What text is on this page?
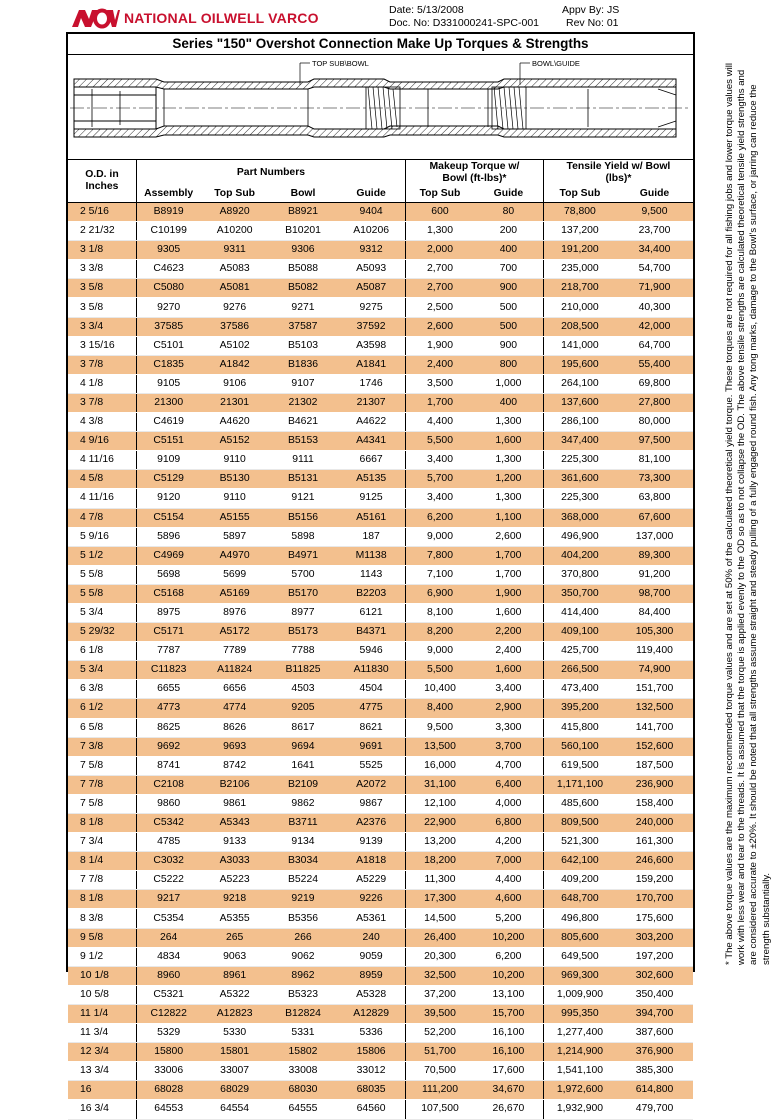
NATIONAL OILWELL VARCO	Date: 5/13/2008
Doc. No: D331000241-SPC-001
Appv By: JS
Rev No: 01
Series "150" Overshot Connection Make Up Torques & Strengths
TOP SUB\BOWL	BOWL\GUIDE
O.D. in Inches	Part Numbers				Makeup Torque w/ Bowl (ft-lbs)*		Tensile Yield w/ Bowl (lbs)*	
	Assembly	Top Sub	Bowl	Guide	Top Sub	Guide	Top Sub	Guide
2 5/16	B8919	A8920	B8921	9404	600	80	78,800	9,500
2 21/32	C10199	A10200	B10201	A10206	1,300	200	137,200	23,700
3 1/8	9305	9311	9306	9312	2,000	400	191,200	34,400
3 3/8	C4623	A5083	B5088	A5093	2,700	700	235,000	54,700
3 5/8	C5080	A5081	B5082	A5087	2,700	900	218,700	71,900
3 5/8	9270	9276	9271	9275	2,500	500	210,000	40,300
3 3/4	37585	37586	37587	37592	2,600	500	208,500	42,000
3 15/16	C5101	A5102	B5103	A3598	1,900	900	141,000	64,700
3 7/8	C1835	A1842	B1836	A1841	2,400	800	195,600	55,400
4 1/8	9105	9106	9107	1746	3,500	1,000	264,100	69,800
3 7/8	21300	21301	21302	21307	1,700	400	137,600	27,800
4 3/8	C4619	A4620	B4621	A4622	4,400	1,300	286,100	80,000
4 9/16	C5151	A5152	B5153	A4341	5,500	1,600	347,400	97,500
4 11/16	9109	9110	9111	6667	3,400	1,300	225,300	81,100
4 5/8	C5129	B5130	B5131	A5135	5,700	1,200	361,600	73,300
4 11/16	9120	9110	9121	9125	3,400	1,300	225,300	63,800
4 7/8	C5154	A5155	B5156	A5161	6,200	1,100	368,000	67,600
5 9/16	5896	5897	5898	187	9,000	2,600	496,900	137,000
5 1/2	C4969	A4970	B4971	M1138	7,800	1,700	404,200	89,300
5 5/8	5698	5699	5700	1143	7,100	1,700	370,800	91,200
5 5/8	C5168	A5169	B5170	B2203	6,900	1,900	350,700	98,700
5 3/4	8975	8976	8977	6121	8,100	1,600	414,400	84,400
5 29/32	C5171	A5172	B5173	B4371	8,200	2,200	409,100	105,300
6 1/8	7787	7789	7788	5946	9,000	2,400	425,700	119,400
5 3/4	C11823	A11824	B11825	A11830	5,500	1,600	266,500	74,900
6 3/8	6655	6656	4503	4504	10,400	3,400	473,400	151,700
6 1/2	4773	4774	9205	4775	8,400	2,900	395,200	132,500
6 5/8	8625	8626	8617	8621	9,500	3,300	415,800	141,700
7 3/8	9692	9693	9694	9691	13,500	3,700	560,100	152,600
7 5/8	8741	8742	1641	5525	16,000	4,700	619,500	187,500
7 7/8	C2108	B2106	B2109	A2072	31,100	6,400	1,171,100	236,900
7 5/8	9860	9861	9862	9867	12,100	4,000	485,600	158,400
8 1/8	C5342	A5343	B3711	A2376	22,900	6,800	809,500	240,000
7 3/4	4785	9133	9134	9139	13,200	4,200	521,300	161,300
8 1/4	C3032	A3033	B3034	A1818	18,200	7,000	642,100	246,600
7 7/8	C5222	A5223	B5224	A5229	11,300	4,400	409,200	159,200
8 1/8	9217	9218	9219	9226	17,300	4,600	648,700	170,700
8 3/8	C5354	A5355	B5356	A5361	14,500	5,200	496,800	175,600
9 5/8	264	265	266	240	26,400	10,200	805,600	303,200
9 1/2	4834	9063	9062	9059	20,300	6,200	649,500	197,200
10 1/8	8960	8961	8962	8959	32,500	10,200	969,300	302,600
10 5/8	C5321	A5322	B5323	A5328	37,200	13,100	1,009,900	350,400
11 1/4	C12822	A12823	B12824	A12829	39,500	15,700	995,350	394,700
11 3/4	5329	5330	5331	5336	52,200	16,100	1,277,400	387,600
12 3/4	15800	15801	15802	15806	51,700	16,100	1,214,900	376,900
13 3/4	33006	33007	33008	33012	70,500	17,600	1,541,100	385,300
16	68028	68029	68030	68035	111,200	34,670	1,972,600	614,800
16 3/4	64553	64554	64555	64560	107,500	26,670	1,932,900	479,700
* The above torque values are the maximum recommended torque values and are set at 50% of the calculated theoretical yield torque. These torques are not required for all fishing jobs and lower torque values will work with less wear and tear to the threads. It is assumed that the torque is applied evenly to the OD so as to not collapse the OD. The above tensile strengths are calculated theoretical tensile yield strengths and are considered accurate to ±20%. It should be noted that all strengths assume straight and steady pulling of a fully engaged round fish. Any tong marks, damage to the Bowl's surface, or jarring can reduce the strength substantially.
